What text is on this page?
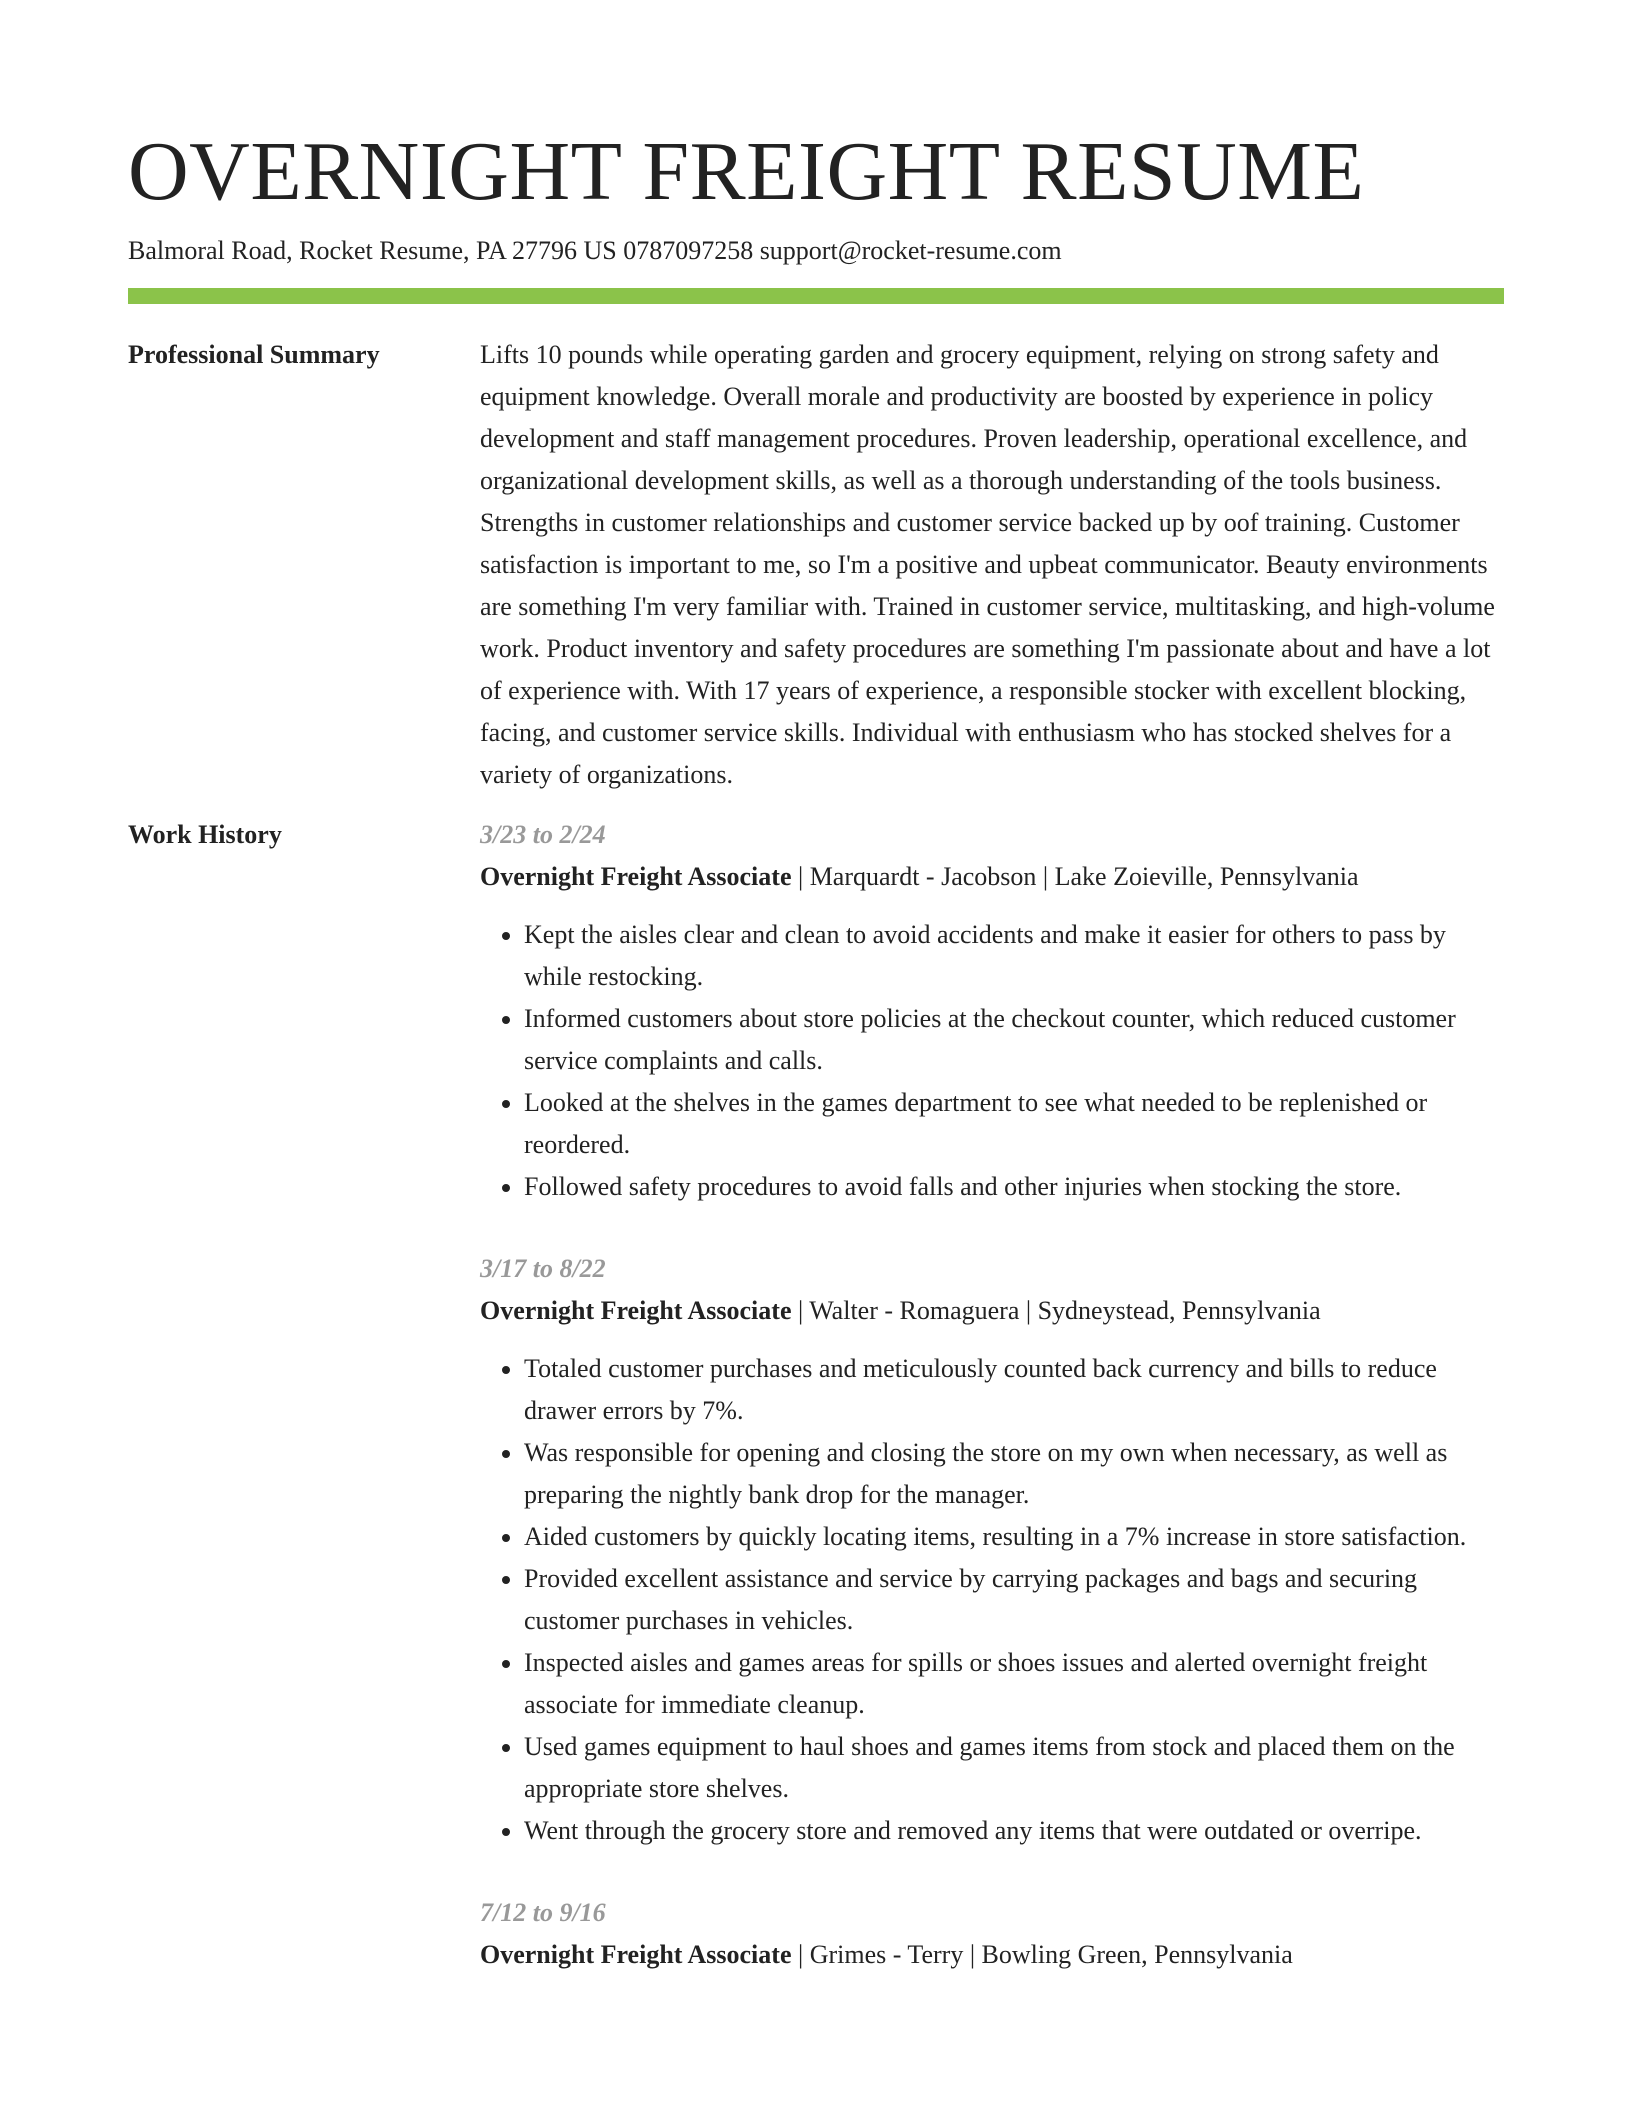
OVERNIGHT FREIGHT RESUME
Balmoral Road, Rocket Resume, PA 27796 US 0787097258 support@rocket-resume.com
Professional Summary	Lifts 10 pounds while operating garden and grocery equipment, relying on strong safety and equipment knowledge. Overall morale and productivity are boosted by experience in policy development and staff management procedures. Proven leadership, operational excellence, and organizational development skills, as well as a thorough understanding of the tools business. Strengths in customer relationships and customer service backed up by oof training. Customer satisfaction is important to me, so I'm a positive and upbeat communicator. Beauty environments are something I'm very familiar with. Trained in customer service, multitasking, and high-volume work. Product inventory and safety procedures are something I'm passionate about and have a lot of experience with. With 17 years of experience, a responsible stocker with excellent blocking, facing, and customer service skills. Individual with enthusiasm who has stocked shelves for a variety of organizations.

Work History	3/23 to 2/24
Overnight Freight Associate | Marquardt - Jacobson | Lake Zoieville, Pennsylvania
• Kept the aisles clear and clean to avoid accidents and make it easier for others to pass by while restocking.
• Informed customers about store policies at the checkout counter, which reduced customer service complaints and calls.
• Looked at the shelves in the games department to see what needed to be replenished or reordered.
• Followed safety procedures to avoid falls and other injuries when stocking the store.
3/17 to 8/22
Overnight Freight Associate | Walter - Romaguera | Sydneystead, Pennsylvania
• Totaled customer purchases and meticulously counted back currency and bills to reduce drawer errors by 7%.
• Was responsible for opening and closing the store on my own when necessary, as well as preparing the nightly bank drop for the manager.
• Aided customers by quickly locating items, resulting in a 7% increase in store satisfaction.
• Provided excellent assistance and service by carrying packages and bags and securing customer purchases in vehicles.
• Inspected aisles and games areas for spills or shoes issues and alerted overnight freight associate for immediate cleanup.
• Used games equipment to haul shoes and games items from stock and placed them on the appropriate store shelves.
• Went through the grocery store and removed any items that were outdated or overripe.
7/12 to 9/16
Overnight Freight Associate | Grimes - Terry | Bowling Green, Pennsylvania
